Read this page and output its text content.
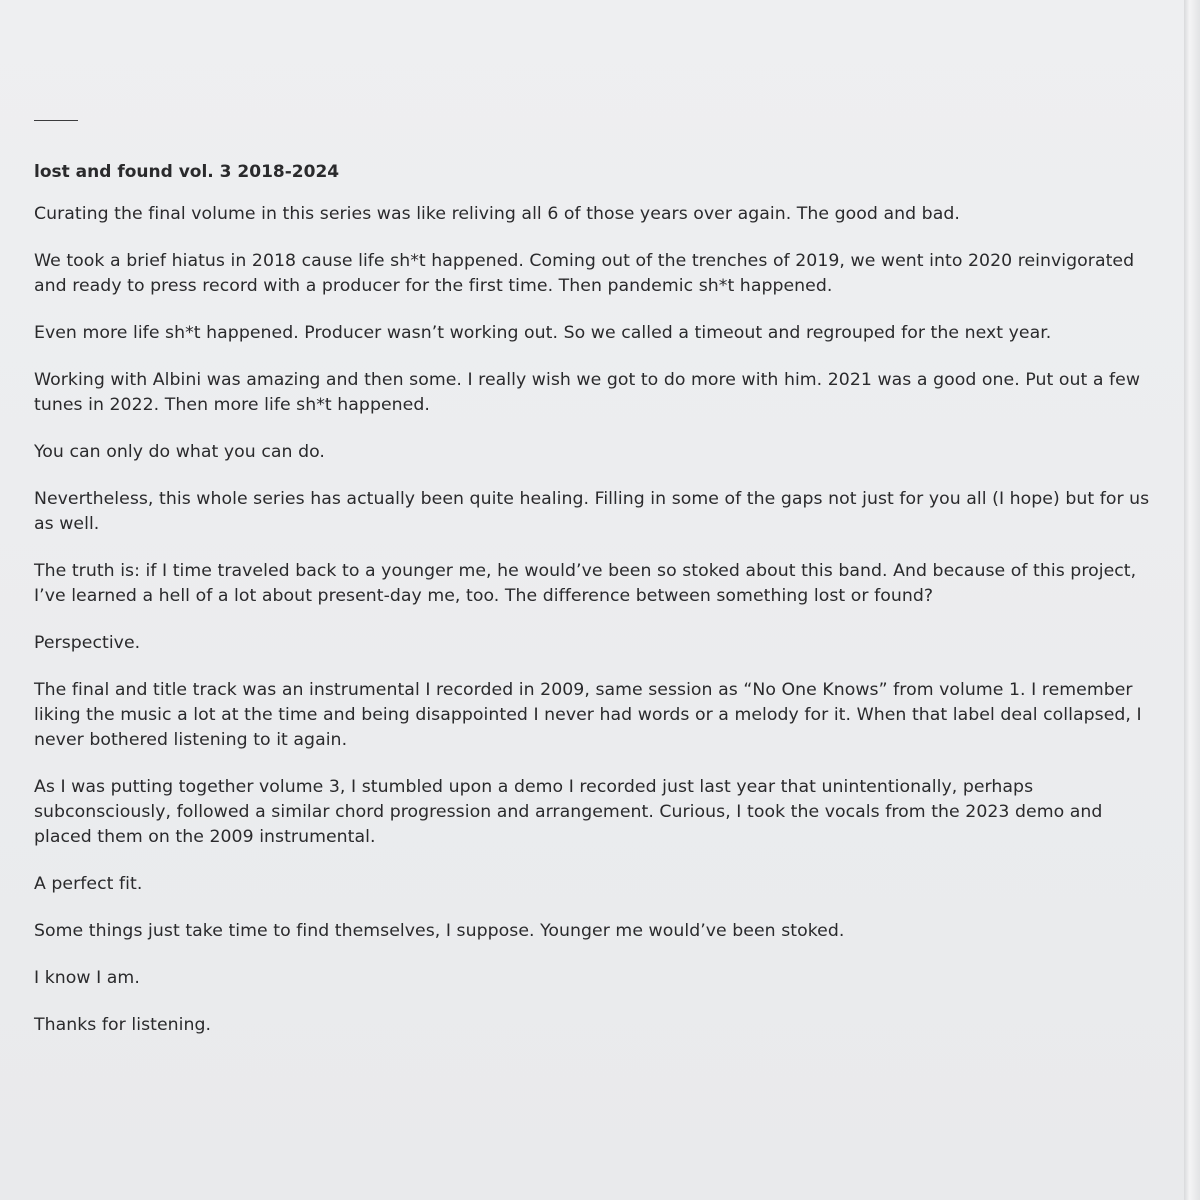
lost and found vol. 3 2018-2024

Curating the final volume in this series was like reliving all 6 of those years over again. The good and bad.

We took a brief hiatus in 2018 cause life sh*t happened. Coming out of the trenches of 2019, we went into 2020 reinvigorated and ready to press record with a producer for the first time. Then pandemic sh*t happened.

Even more life sh*t happened. Producer wasn’t working out. So we called a timeout and regrouped for the next year.

Working with Albini was amazing and then some. I really wish we got to do more with him. 2021 was a good one. Put out a few tunes in 2022. Then more life sh*t happened.

You can only do what you can do.

Nevertheless, this whole series has actually been quite healing. Filling in some of the gaps not just for you all (I hope) but for us as well.

The truth is: if I time traveled back to a younger me, he would’ve been so stoked about this band. And because of this project, I’ve learned a hell of a lot about present-day me, too. The difference between something lost or found?

Perspective.

The final and title track was an instrumental I recorded in 2009, same session as “No One Knows” from volume 1. I remember liking the music a lot at the time and being disappointed I never had words or a melody for it. When that label deal collapsed, I never bothered listening to it again.

As I was putting together volume 3, I stumbled upon a demo I recorded just last year that unintentionally, perhaps subconsciously, followed a similar chord progression and arrangement. Curious, I took the vocals from the 2023 demo and placed them on the 2009 instrumental.

A perfect fit.

Some things just take time to find themselves, I suppose. Younger me would’ve been stoked.

I know I am.

Thanks for listening.
